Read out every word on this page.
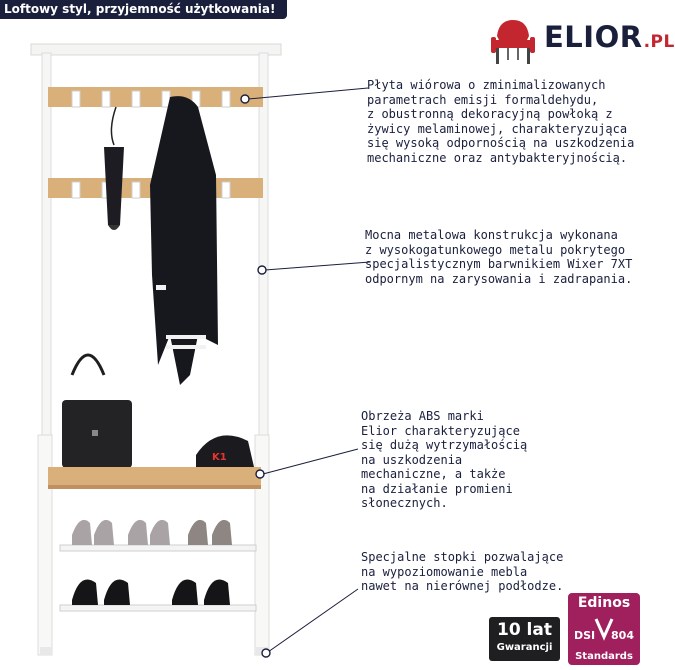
Loftowy styl, przyjemność użytkowania!
ELIOR.PL
Płyta wiórowa o zminimalizowanych
parametrach emisji formaldehydu,
z obustronną dekoracyjną powłoką z
żywicy melaminowej, charakteryzująca
się wysoką odpornością na uszkodzenia
mechaniczne oraz antybakteryjnością.
Mocna metalowa konstrukcja wykonana
z wysokogatunkowego metalu pokrytego
specjalistycznym barwnikiem Wixer 7XT
odpornym na zarysowania i zadrapania.
Obrzeża ABS marki
Elior charakteryzujące
się dużą wytrzymałością
na uszkodzenia
mechaniczne, a także
na działanie promieni
słonecznych.
Specjalne stopki pozwalające
na wypoziomowanie mebla
nawet na nierównej podłodze.
K1
10 lat
Gwarancji
Edinos
DSI 804
Standards
